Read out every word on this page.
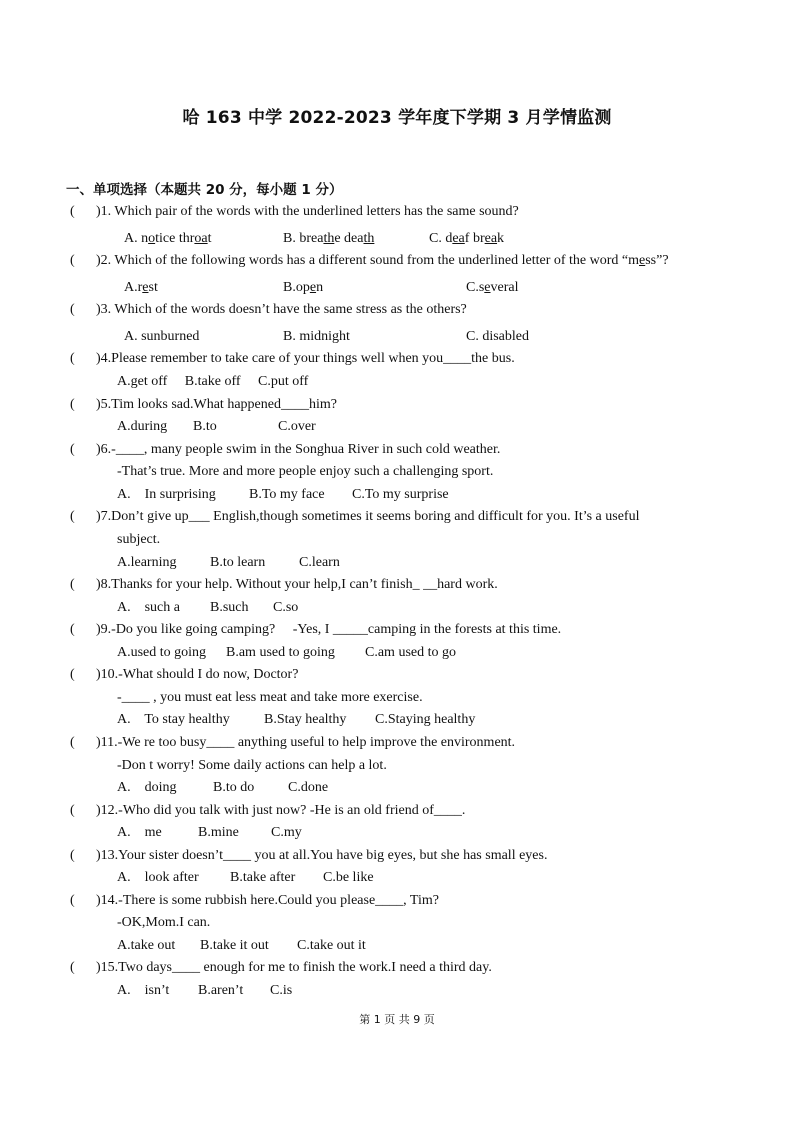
哈 163 中学 2022-2023 学年度下学期 3 月学情监测
一、单项选择（本题共 20 分，每小题 1 分）
( )1. Which pair of the words with the underlined letters has the same sound?
A. notice throat	B. breathe death	C. deaf break
( )2. Which of the following words has a different sound from the underlined letter of the word “mess”?
A.rest	B.open	C.several
( )3. Which of the words doesn’t have the same stress as the others?
A. sunburned	B. midnight	C. disabled
( )4.Please remember to take care of your things well when you____the bus.
A.get off     B.take off     C.put off
( )5.Tim looks sad.What happened____him?
A.during B.to	C.over
( )6.-____, many people swim in the Songhua River in such cold weather.
-That’s true. More and more people enjoy such a challenging sport.
A.    In surprising B.To my face C.To my surprise
( )7.Don’t give up___ English,though sometimes it seems boring and difficult for you. It’s a useful
subject.
A.learning B.to learn C.learn
( )8.Thanks for your help. Without your help,I can’t finish_ __hard work.
A.    such a B.such C.so
( )9.-Do you like going camping?     -Yes, I _____camping in the forests at this time.
A.used to going B.am used to going C.am used to go
( )10.-What should I do now, Doctor?
-____ , you must eat less meat and take more exercise.
A.    To stay healthy B.Stay healthy C.Staying healthy
( )11.-We re too busy____ anything useful to help improve the environment.
-Don t worry! Some daily actions can help a lot.
A.    doing	B.to do C.done
( )12.-Who did you talk with just now? -He is an old friend of____.
A.    me	B.mine C.my
( )13.Your sister doesn’t____ you at all.You have big eyes, but she has small eyes.
A.    look after B.take after C.be like
( )14.-There is some rubbish here.Could you please____, Tim?
-OK,Mom.I can.
A.take out B.take it out C.take out it
( )15.Two days____ enough for me to finish the work.I need a third day.
A.    isn’t B.aren’t C.is
第 1 页 共 9 页
